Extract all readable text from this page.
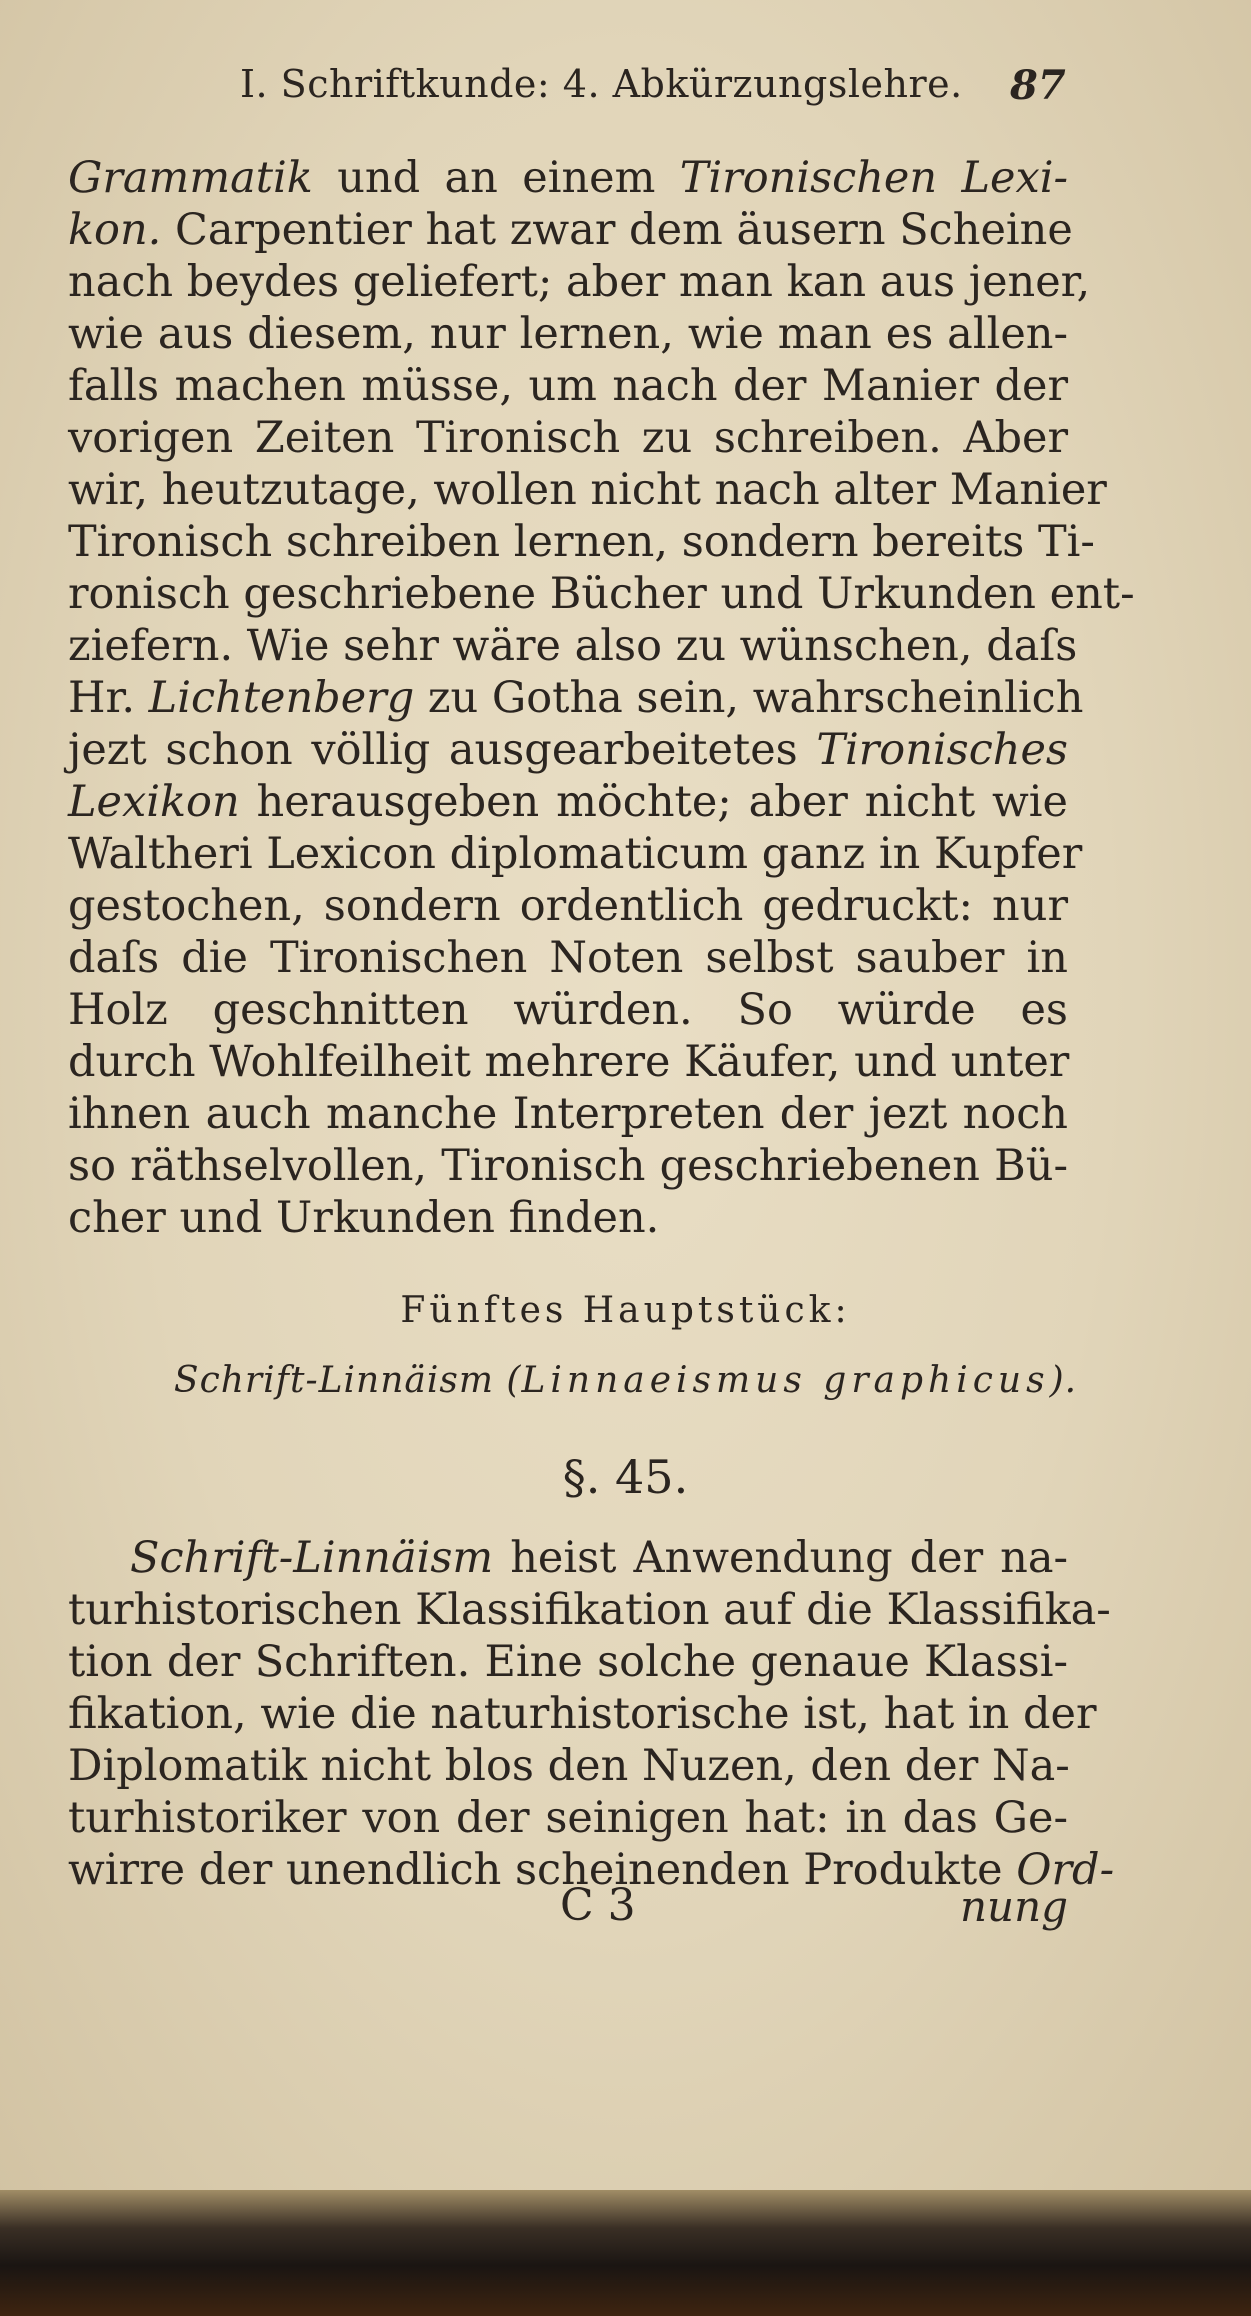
I. Schriftkunde: 4. Abkürzungslehre. 87
Grammatik und an einem Tironischen Lexi-
kon. Carpentier hat zwar dem äusern Scheine
nach beydes geliefert; aber man kan aus jener,
wie aus diesem, nur lernen, wie man es allen-
falls machen müsse, um nach der Manier der
vorigen Zeiten Tironisch zu schreiben. Aber
wir, heutzutage, wollen nicht nach alter Manier
Tironisch schreiben lernen, sondern bereits Ti-
ronisch geschriebene Bücher und Urkunden ent-
ziefern. Wie sehr wäre also zu wünschen, daſs
Hr. Lichtenberg zu Gotha sein, wahrscheinlich
jezt schon völlig ausgearbeitetes Tironisches
Lexikon herausgeben möchte; aber nicht wie
Waltheri Lexicon diplomaticum ganz in Kupfer
gestochen, sondern ordentlich gedruckt: nur
daſs die Tironischen Noten selbst sauber in
Holz geschnitten würden. So würde es
durch Wohlfeilheit mehrere Käufer, und unter
ihnen auch manche Interpreten der jezt noch
so räthselvollen, Tironisch geschriebenen Bü-
cher und Urkunden finden.
Fünftes Hauptstück:
Schrift-Linnäism (Linnaeismus graphicus).
§. 45.
Schrift-Linnäism heist Anwendung der na-
turhistorischen Klassifikation auf die Klassifika-
tion der Schriften. Eine solche genaue Klassi-
fikation, wie die naturhistorische ist, hat in der
Diplomatik nicht blos den Nuzen, den der Na-
turhistoriker von der seinigen hat: in das Ge-
wirre der unendlich scheinenden Produkte Ord-
C 3	nung
